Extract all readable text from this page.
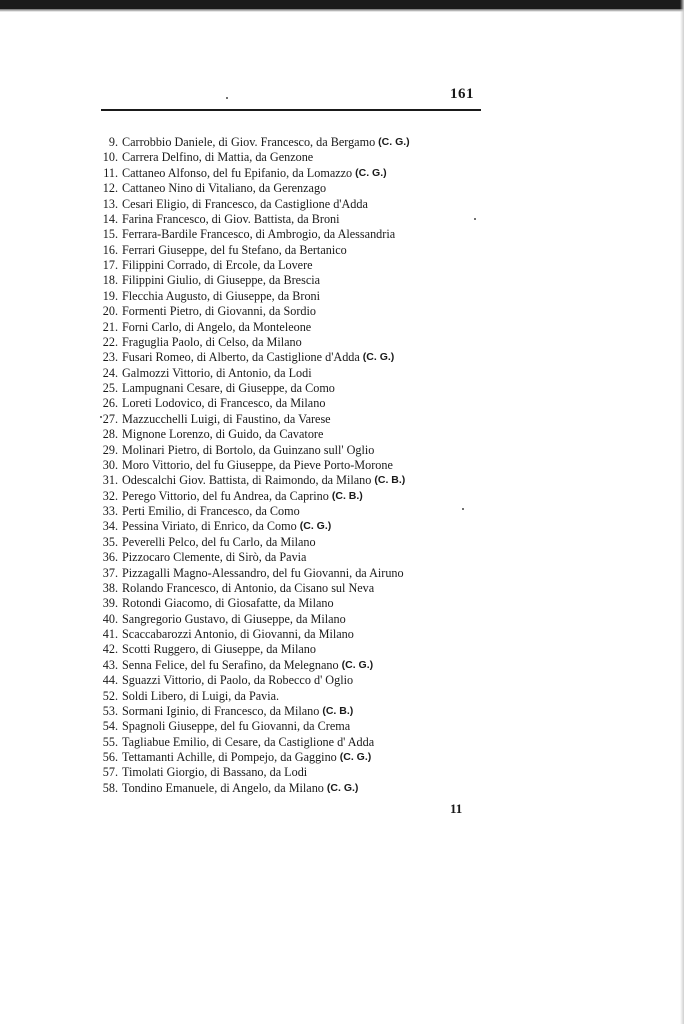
161
9. Carrobbio Daniele, di Giov. Francesco, da Bergamo (C. G.)
10. Carrera Delfino, di Mattia, da Genzone
11. Cattaneo Alfonso, del fu Epifanio, da Lomazzo (C. G.)
12. Cattaneo Nino di Vitaliano, da Gerenzago
13. Cesari Eligio, di Francesco, da Castiglione d'Adda
14. Farina Francesco, di Giov. Battista, da Broni
15. Ferrara-Bardile Francesco, di Ambrogio, da Alessandria
16. Ferrari Giuseppe, del fu Stefano, da Bertanico
17. Filippini Corrado, di Ercole, da Lovere
18. Filippini Giulio, di Giuseppe, da Brescia
19. Flecchia Augusto, di Giuseppe, da Broni
20. Formenti Pietro, di Giovanni, da Sordio
21. Forni Carlo, di Angelo, da Monteleone
22. Fraguglia Paolo, di Celso, da Milano
23. Fusari Romeo, di Alberto, da Castiglione d'Adda (C. G.)
24. Galmozzi Vittorio, di Antonio, da Lodi
25. Lampugnani Cesare, di Giuseppe, da Como
26. Loreti Lodovico, di Francesco, da Milano
27. Mazzucchelli Luigi, di Faustino, da Varese
28. Mignone Lorenzo, di Guido, da Cavatore
29. Molinari Pietro, di Bortolo, da Guinzano sull' Oglio
30. Moro Vittorio, del fu Giuseppe, da Pieve Porto-Morone
31. Odescalchi Giov. Battista, di Raimondo, da Milano (C. B.)
32. Perego Vittorio, del fu Andrea, da Caprino (C. B.)
33. Perti Emilio, di Francesco, da Como
34. Pessina Viriato, di Enrico, da Como (C. G.)
35. Peverelli Pelco, del fu Carlo, da Milano
36. Pizzocaro Clemente, di Sirò, da Pavia
37. Pizzagalli Magno-Alessandro, del fu Giovanni, da Airuno
38. Rolando Francesco, di Antonio, da Cisano sul Neva
39. Rotondi Giacomo, di Giosafatte, da Milano
40. Sangregorio Gustavo, di Giuseppe, da Milano
41. Scaccabarozzi Antonio, di Giovanni, da Milano
42. Scotti Ruggero, di Giuseppe, da Milano
43. Senna Felice, del fu Serafino, da Melegnano (C. G.)
44. Sguazzi Vittorio, di Paolo, da Robecco d' Oglio
52. Soldi Libero, di Luigi, da Pavia.
53. Sormani Iginio, di Francesco, da Milano (C. B.)
54. Spagnoli Giuseppe, del fu Giovanni, da Crema
55. Tagliabue Emilio, di Cesare, da Castiglione d' Adda
56. Tettamanti Achille, di Pompejo, da Gaggino (C. G.)
57. Timolati Giorgio, di Bassano, da Lodi
58. Tondino Emanuele, di Angelo, da Milano (C. G.)
11
